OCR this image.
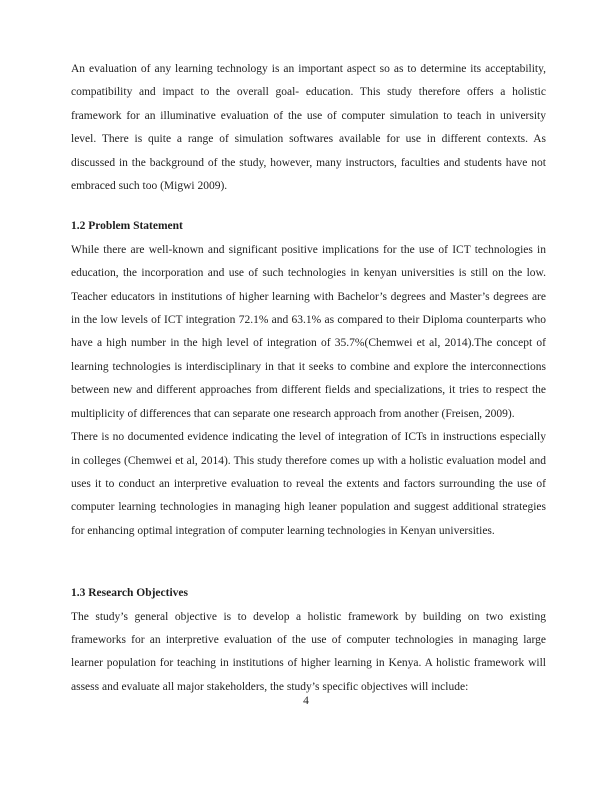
An evaluation of any learning technology is an important aspect so as to determine its acceptability, compatibility and impact to the overall goal- education. This study therefore offers a holistic framework for an illuminative evaluation of the use of computer simulation to teach in university level. There is quite a range of simulation softwares available for use in different contexts. As discussed in the background of the study, however, many instructors, faculties and students have not embraced such too (Migwi 2009).

1.2 Problem Statement

While there are well-known and significant positive implications for the use of ICT technologies in education, the incorporation and use of such technologies in kenyan universities is still on the low. Teacher educators in institutions of higher learning with Bachelor’s degrees and Master’s degrees are in the low levels of ICT integration 72.1% and 63.1% as compared to their Diploma counterparts who have a high number in the high level of integration of 35.7%(Chemwei et al, 2014).The concept of learning technologies is interdisciplinary in that it seeks to combine and explore the interconnections between new and different approaches from different fields and specializations, it tries to respect the multiplicity of differences that can separate one research approach from another (Freisen, 2009).

There is no documented evidence indicating the level of integration of ICTs in instructions especially in colleges (Chemwei et al, 2014). This study therefore comes up with a holistic evaluation model and uses it to conduct an interpretive evaluation to reveal the extents and factors surrounding the use of computer learning technologies in managing high leaner population and suggest additional strategies for enhancing optimal integration of computer learning technologies in Kenyan universities.

1.3 Research Objectives

The study’s general objective is to develop a holistic framework by building on two existing frameworks for an interpretive evaluation of the use of computer technologies in managing large learner population for teaching in institutions of higher learning in Kenya. A holistic framework will assess and evaluate all major stakeholders, the study’s specific objectives will include:

4
